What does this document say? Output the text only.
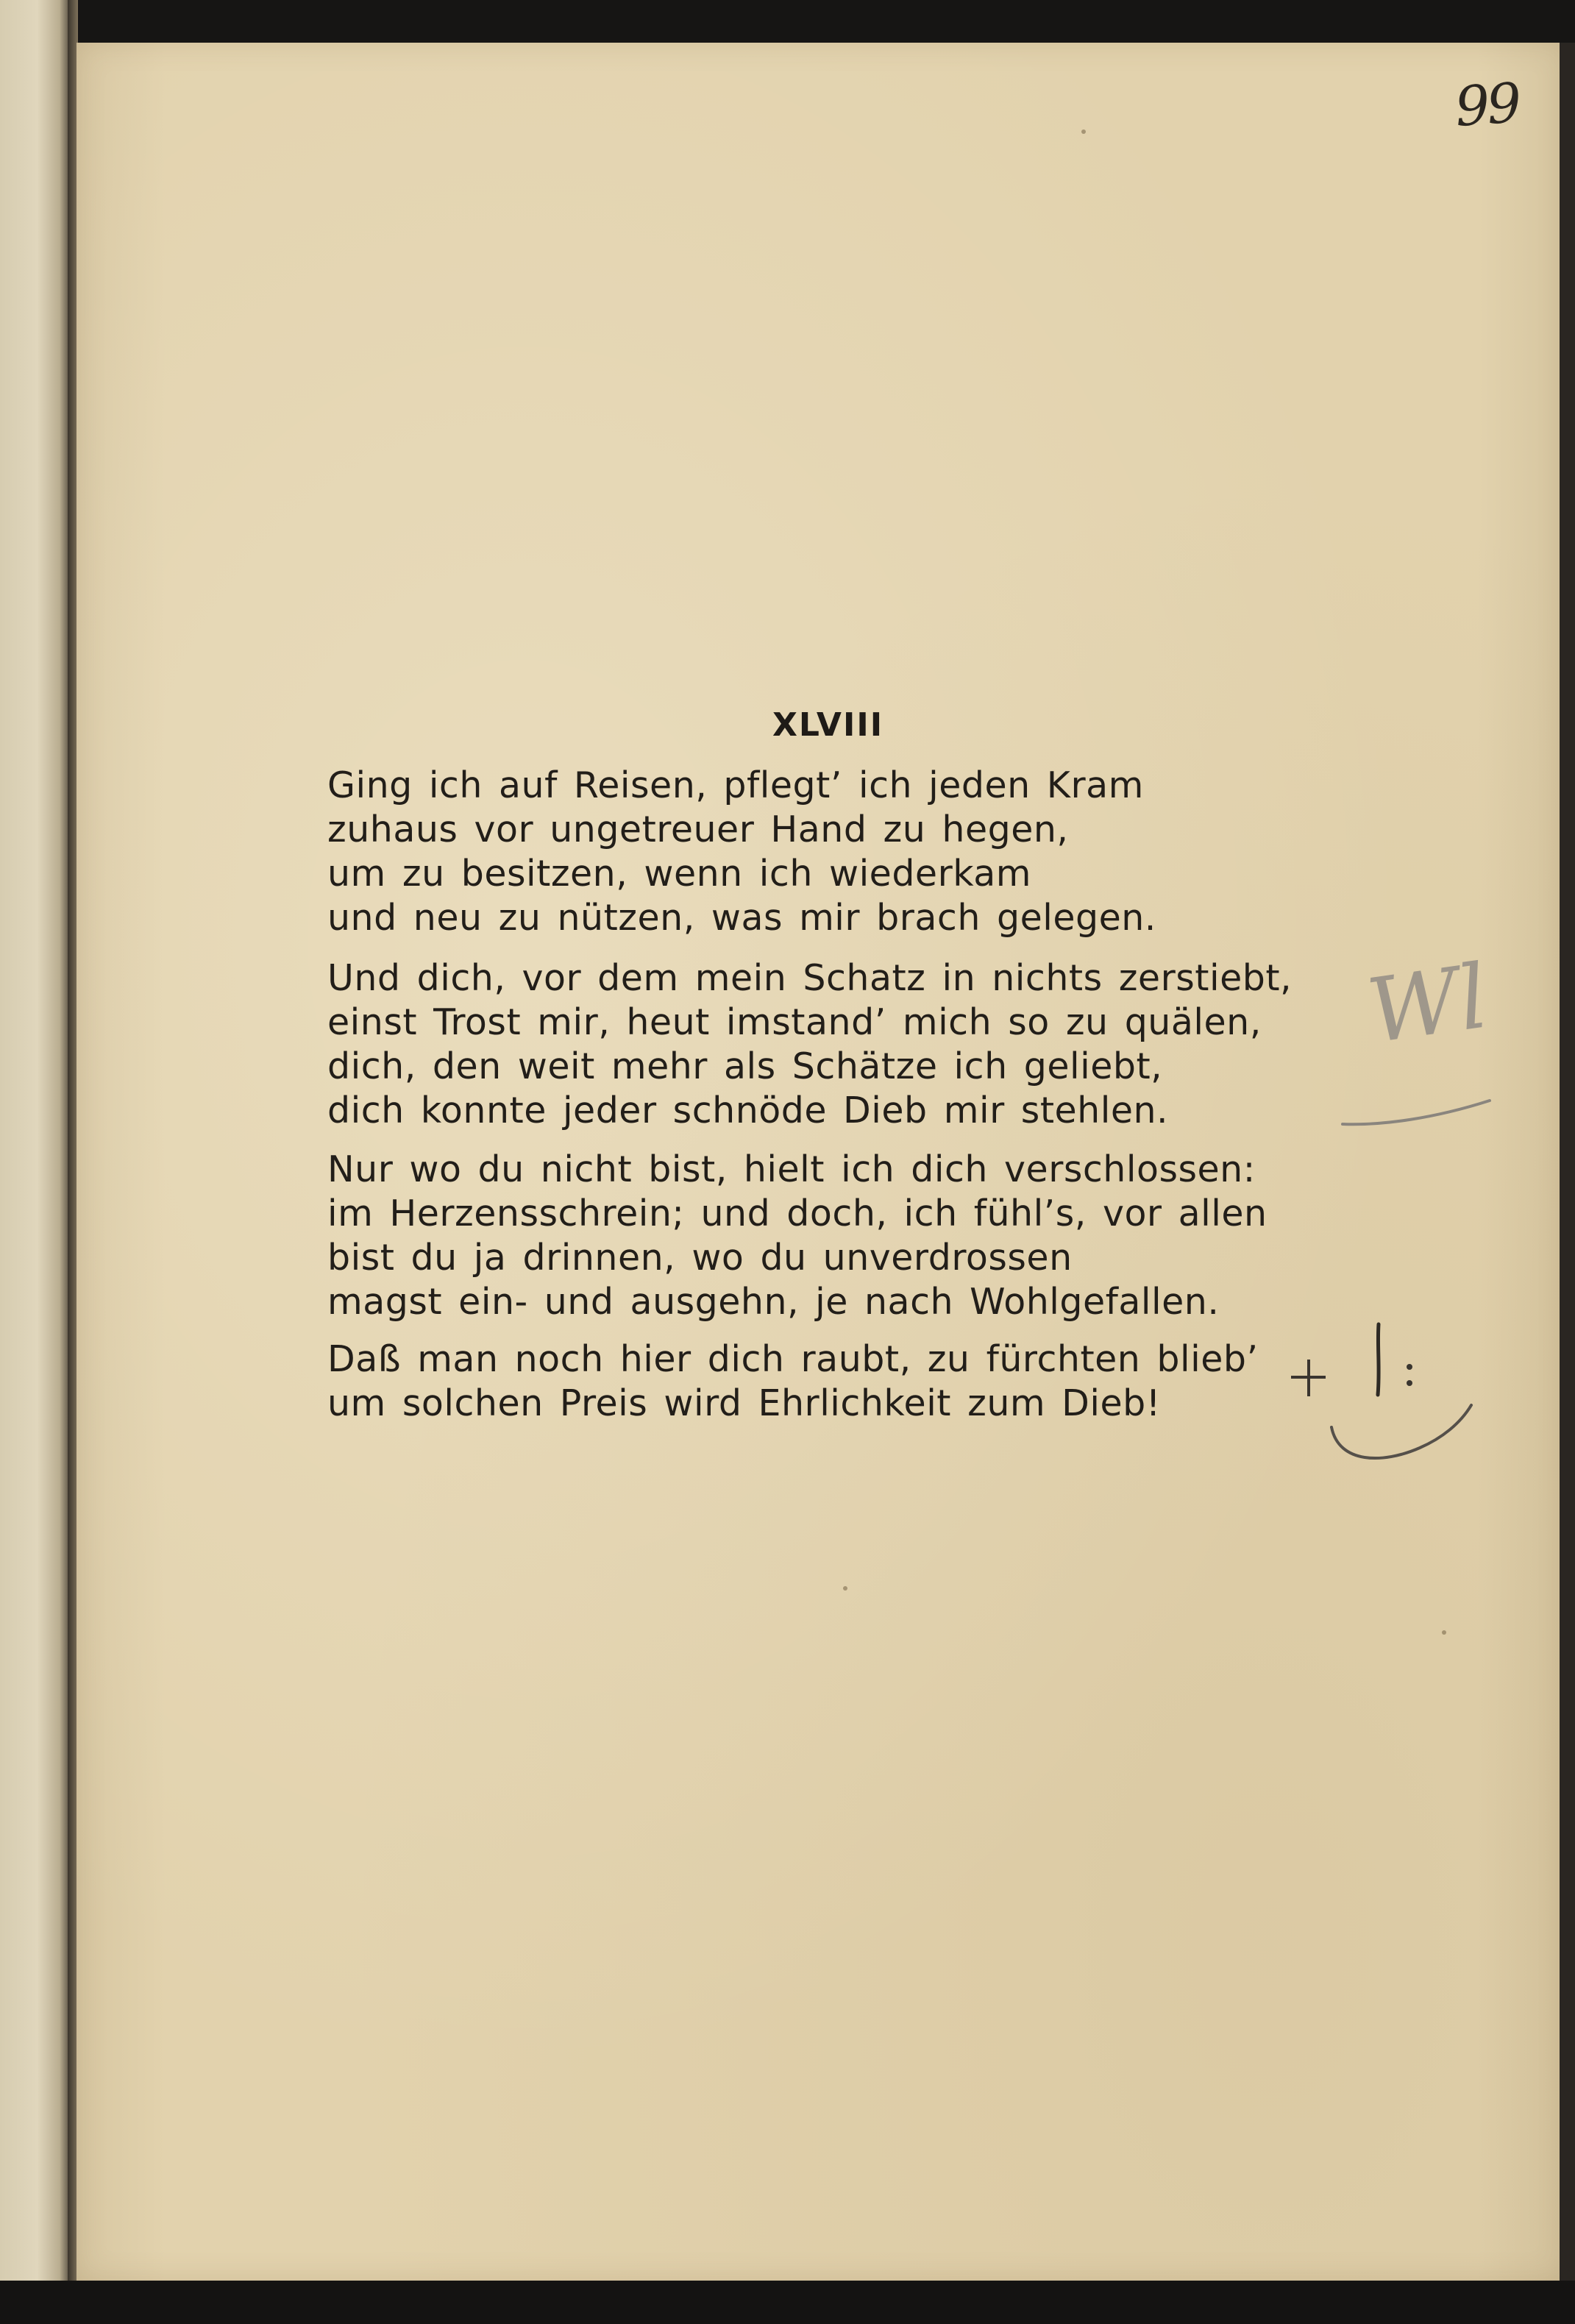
99
XLVIII
Ging ich auf Reisen, pflegt’ ich jeden Kram
zuhaus vor ungetreuer Hand zu hegen,
um zu besitzen, wenn ich wiederkam
und neu zu nützen, was mir brach gelegen.
Und dich, vor dem mein Schatz in nichts zerstiebt,
einst Trost mir, heut imstand’ mich so zu quälen,
dich, den weit mehr als Schätze ich geliebt,
dich konnte jeder schnöde Dieb mir stehlen.
Nur wo du nicht bist, hielt ich dich verschlossen:
im Herzensschrein; und doch, ich fühl’s, vor allen
bist du ja drinnen, wo du unverdrossen
magst ein- und ausgehn, je nach Wohlgefallen.
Daß man noch hier dich raubt, zu fürchten blieb’
um solchen Preis wird Ehrlichkeit zum Dieb!
Wl
